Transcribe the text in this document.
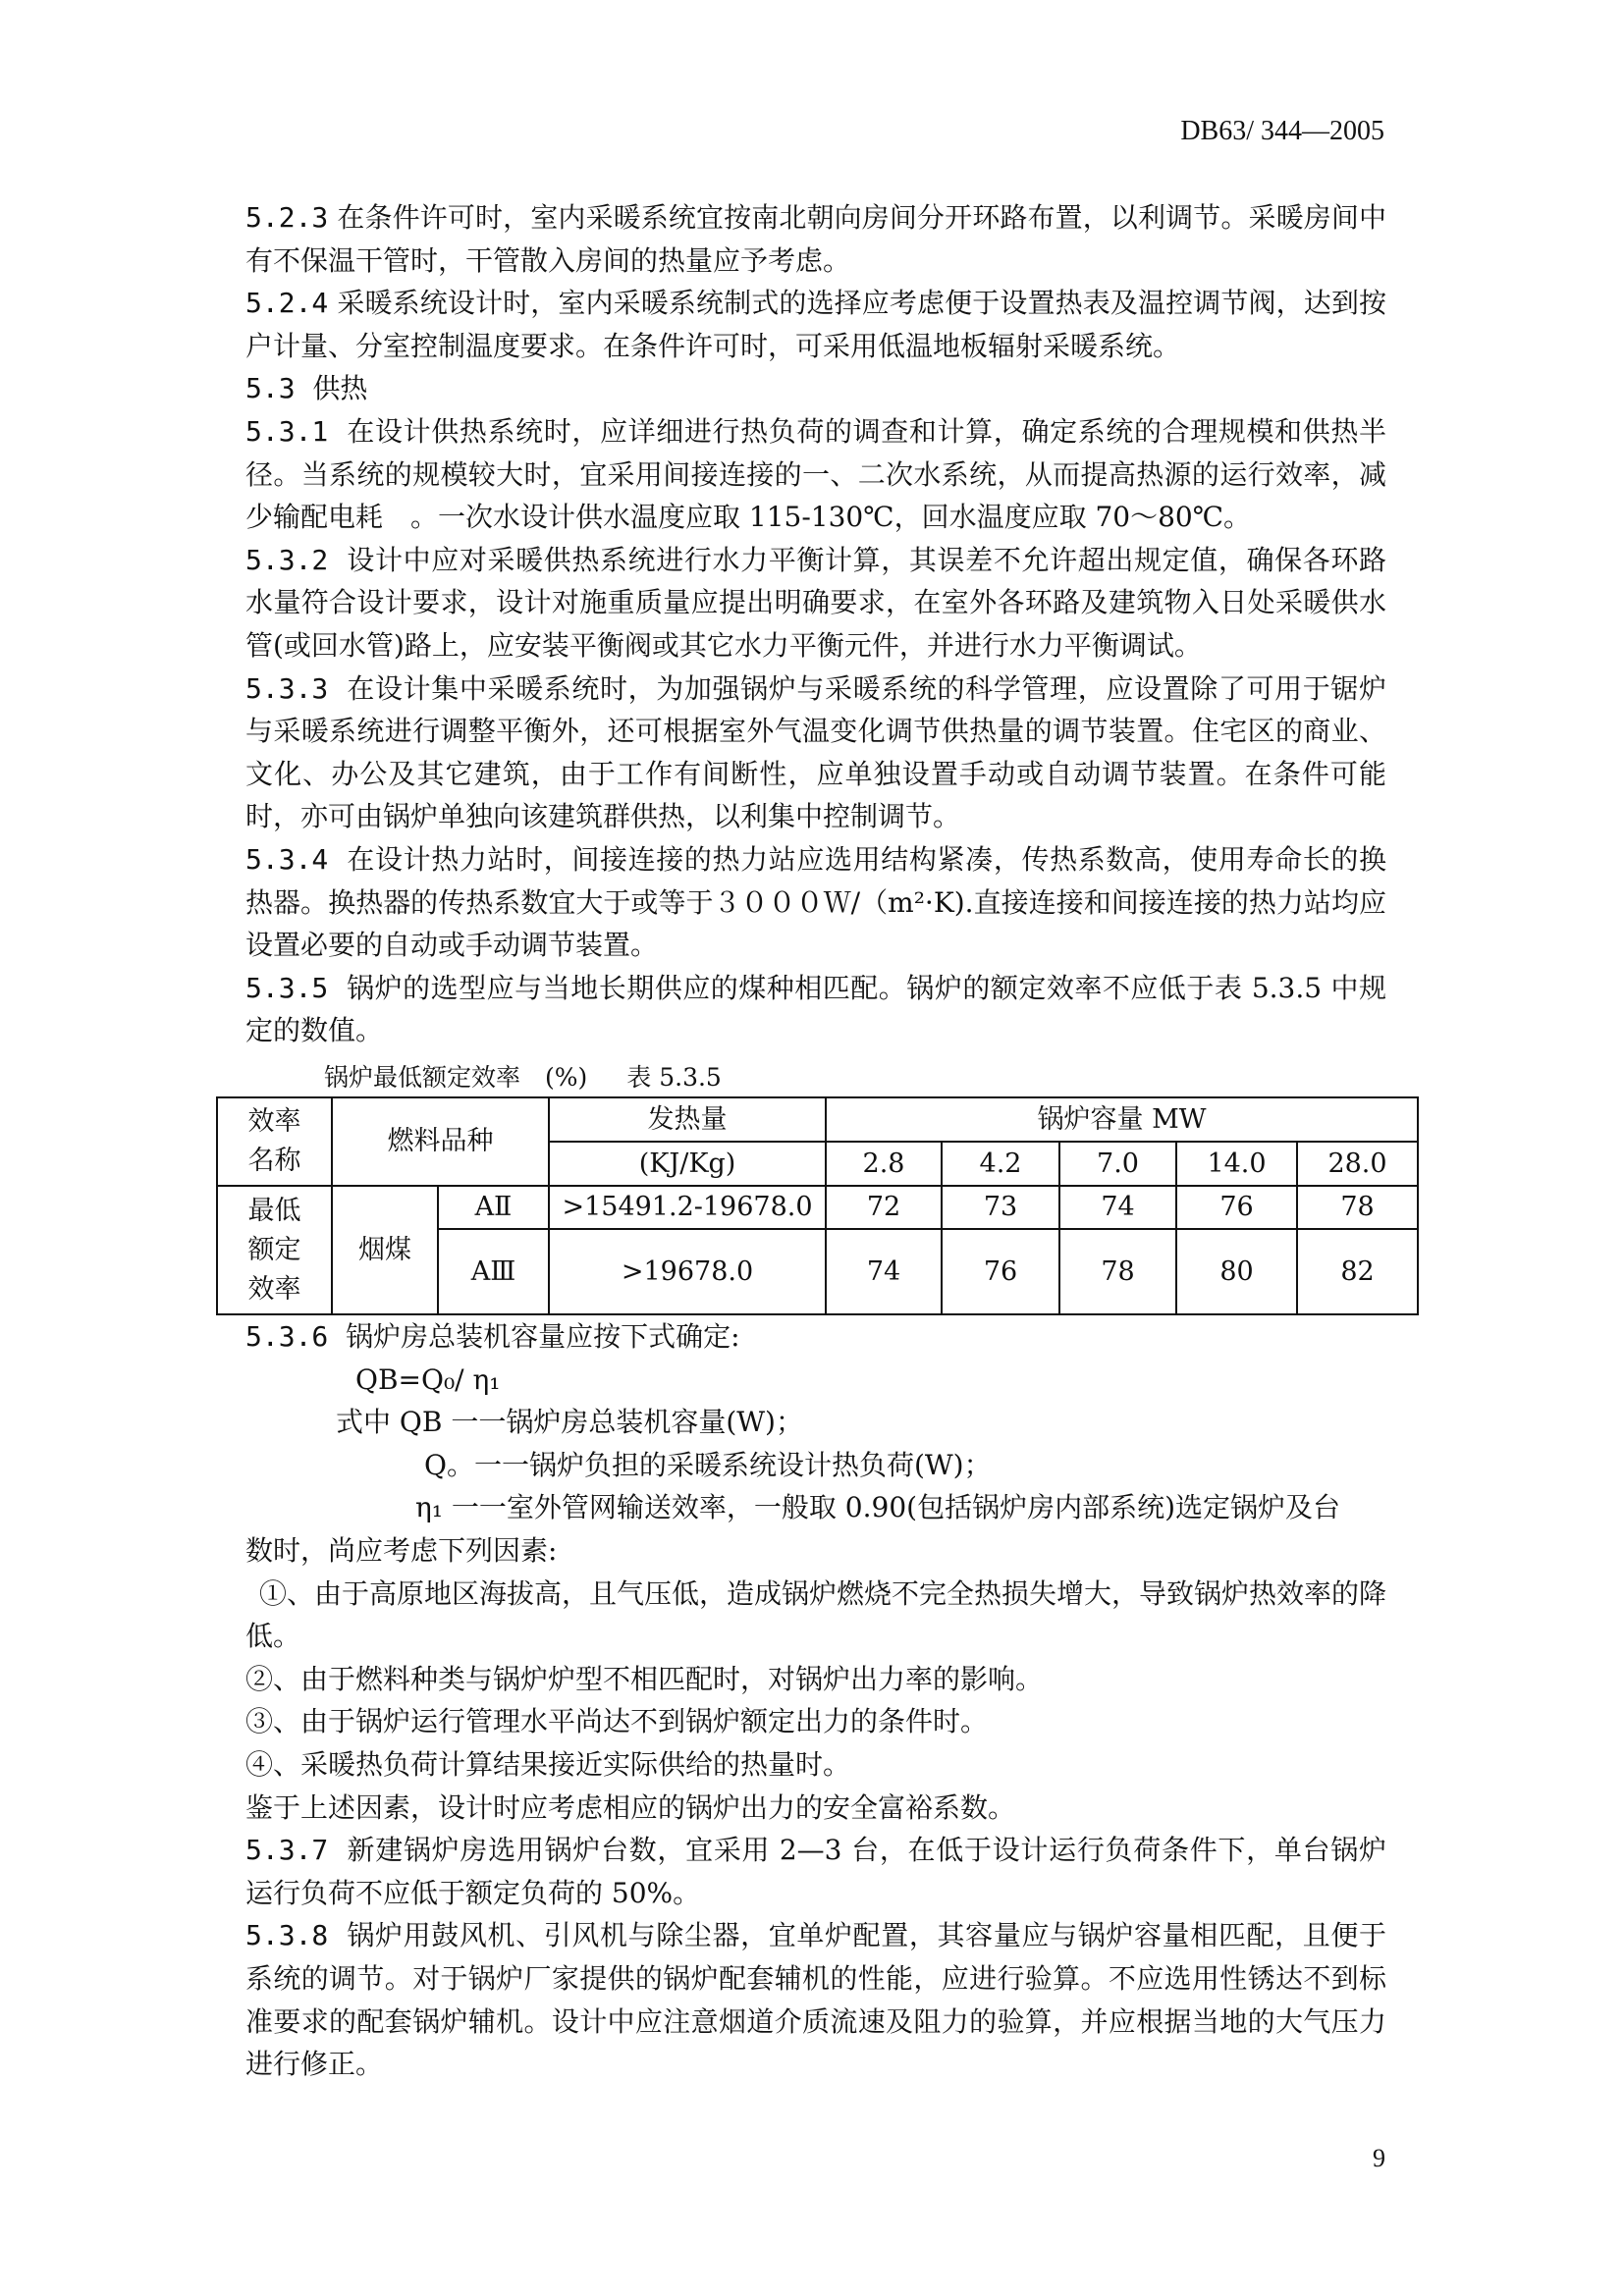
DB63/ 344—2005

5.2.3 在条件许可时，室内采暖系统宜按南北朝向房间分开环路布置，以利调节。采暖房间中有不保温干管时，干管散入房间的热量应予考虑。

5.2.4 采暖系统设计时，室内采暖系统制式的选择应考虑便于设置热表及温控调节阀，达到按户计量、分室控制温度要求。在条件许可时，可采用低温地板辐射采暖系统。

5.3 供热

5.3.1 在设计供热系统时，应详细进行热负荷的调查和计算，确定系统的合理规模和供热半径。当系统的规模较大时，宜采用间接连接的一、二次水系统，从而提高热源的运行效率，减少输配电耗　。一次水设计供水温度应取 115-130℃，回水温度应取 70～80℃。

5.3.2 设计中应对采暖供热系统进行水力平衡计算，其误差不允许超出规定值，确保各环路水量符合设计要求，设计对施重质量应提出明确要求，在室外各环路及建筑物入日处采暖供水管(或回水管)路上，应安装平衡阀或其它水力平衡元件，并进行水力平衡调试。

5.3.3 在设计集中采暖系统时，为加强锅炉与采暖系统的科学管理，应设置除了可用于锯炉与采暖系统进行调整平衡外，还可根据室外气温变化调节供热量的调节装置。住宅区的商业、文化、办公及其它建筑，由于工作有间断性，应单独设置手动或自动调节装置。在条件可能时，亦可由锅炉单独向该建筑群供热，以利集中控制调节。

5.3.4 在设计热力站时，间接连接的热力站应选用结构紧凑，传热系数高，使用寿命长的换热器。换热器的传热系数宜大于或等于３０００Ｗ/（m²·K).直接连接和间接连接的热力站均应设置必要的自动或手动调节装置。

5.3.5 锅炉的选型应与当地长期供应的煤种相匹配。锅炉的额定效率不应低于表 5.3.5 中规定的数值。

锅炉最低额定效率　(%) 表 5.3.5
效率
名称	燃料品种		发热量	锅炉容量 MW				
			(KJ/Kg)	2.8	4.2	7.0	14.0	28.0
最低
额定
效率	烟煤	AⅡ	>15491.2-19678.0	72	73	74	76	78
		AⅢ	>19678.0	74	76	78	80	82

5.3.6 锅炉房总装机容量应按下式确定:

QB=Q₀/ η₁

式中 QB 一一锅炉房总装机容量(W)；

Q。一一锅炉负担的采暖系统设计热负荷(W)；

η₁ 一一室外管网输送效率，一般取 0.90(包括锅炉房内部系统)选定锅炉及台

数时，尚应考虑下列因素:

①、由于高原地区海拔高，且气压低，造成锅炉燃烧不完全热损失增大，导致锅炉热效率的降低。

②、由于燃料种类与锅炉炉型不相匹配时，对锅炉出力率的影响。

③、由于锅炉运行管理水平尚达不到锅炉额定出力的条件时。

④、采暖热负荷计算结果接近实际供给的热量时。

鉴于上述因素，设计时应考虑相应的锅炉出力的安全富裕系数。

5.3.7 新建锅炉房选用锅炉台数，宜采用 2—3 台，在低于设计运行负荷条件下，单台锅炉运行负荷不应低于额定负荷的 50%。

5.3.8 锅炉用鼓风机、引风机与除尘器，宜单炉配置，其容量应与锅炉容量相匹配，且便于系统的调节。对于锅炉厂家提供的锅炉配套辅机的性能，应进行验算。不应选用性锈达不到标准要求的配套锅炉辅机。设计中应注意烟道介质流速及阻力的验算，并应根据当地的大气压力进行修正。

9
